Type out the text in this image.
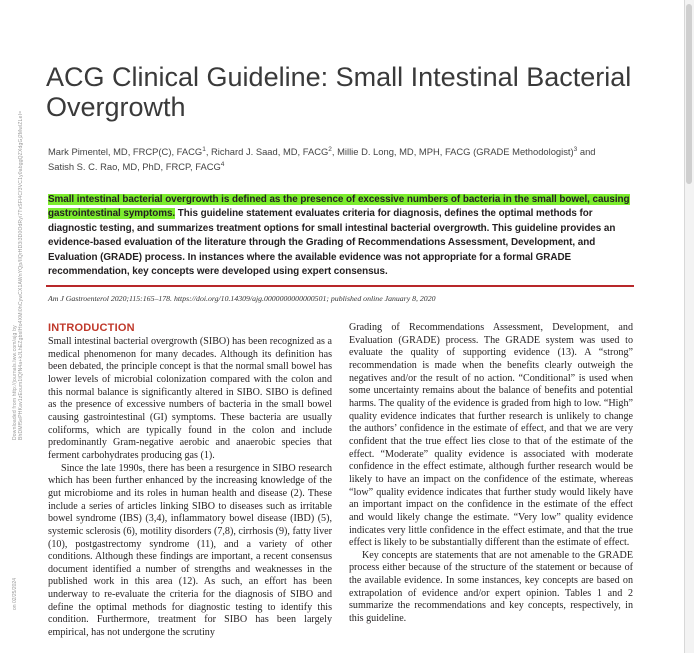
ACG Clinical Guideline: Small Intestinal Bacterial Overgrowth

Mark Pimentel, MD, FRCP(C), FACG$^1$, Richard J. Saad, MD, FACG$^2$, Millie D. Long, MD, MPH, FACG (GRADE Methodologist)$^3$ and
Satish S. C. Rao, MD, PhD, FRCP, FACG$^4$

Small intestinal bacterial overgrowth is defined as the presence of excessive numbers of bacteria in the small bowel, causing gastrointestinal symptoms. This guideline statement evaluates criteria for diagnosis, defines the optimal methods for diagnostic testing, and summarizes treatment options for small intestinal bacterial overgrowth. This guideline provides an evidence-based evaluation of the literature through the Grading of Recommendations Assessment, Development, and Evaluation (GRADE) process. In instances where the available evidence was not appropriate for a formal GRADE recommendation, key concepts were developed using expert consensus.

Am J Gastroenterol 2020;115:165–178. https://doi.org/10.14309/ajg.0000000000000501; published online January 8, 2020

Downloaded from http://journals.lww.com/ajg by BhDMf5ePHKav1zEoum1tQfN4a+kJLhEZgbsIHo4XMi0hCywCX1AWnYQp/IlQrHD3i3D0OdRyi7TvSFl4Cf3VC1y0abggQZXdgGj2MwlZLeI=
on 02/25/2024
INTRODUCTION

Small intestinal bacterial overgrowth (SIBO) has been recognized as a medical phenomenon for many decades. Although its definition has been debated, the principle concept is that the normal small bowel has lower levels of microbial colonization compared with the colon and this normal balance is significantly altered in SIBO. SIBO is defined as the presence of excessive numbers of bacteria in the small bowel causing gastrointestinal (GI) symptoms. These bacteria are usually coliforms, which are typically found in the colon and include predominantly Gram-negative aerobic and anaerobic species that ferment carbohydrates producing gas (1).

Since the late 1990s, there has been a resurgence in SIBO research which has been further enhanced by the increasing knowledge of the gut microbiome and its roles in human health and disease (2). These include a series of articles linking SIBO to diseases such as irritable bowel syndrome (IBS) (3,4), inflammatory bowel disease (IBD) (5), systemic sclerosis (6), motility disorders (7,8), cirrhosis (9), fatty liver (10), postgastrectomy syndrome (11), and a variety of other conditions. Although these findings are important, a recent consensus document identified a number of strengths and weaknesses in the published work in this area (12). As such, an effort has been underway to re-evaluate the criteria for the diagnosis of SIBO and define the optimal methods for diagnostic testing to identify this condition. Furthermore, treatment for SIBO has been largely empirical, has not undergone the scrutiny

Grading of Recommendations Assessment, Development, and Evaluation (GRADE) process. The GRADE system was used to evaluate the quality of supporting evidence (13). A “strong” recommendation is made when the benefits clearly outweigh the negatives and/or the result of no action. “Conditional” is used when some uncertainty remains about the balance of benefits and potential harms. The quality of the evidence is graded from high to low. “High” quality evidence indicates that further research is unlikely to change the authors’ confidence in the estimate of effect, and that we are very confident that the true effect lies close to that of the estimate of the effect. “Moderate” quality evidence is associated with moderate confidence in the effect estimate, although further research would be likely to have an impact on the confidence of the estimate, whereas “low” quality evidence indicates that further study would likely have an important impact on the confidence in the estimate of the effect and would likely change the estimate. “Very low” quality evidence indicates very little confidence in the effect estimate, and that the true effect is likely to be substantially different than the estimate of effect.

Key concepts are statements that are not amenable to the GRADE process either because of the structure of the statement or because of the available evidence. In some instances, key concepts are based on extrapolation of evidence and/or expert opinion. Tables 1 and 2 summarize the recommendations and key concepts, respectively, in this guideline.
